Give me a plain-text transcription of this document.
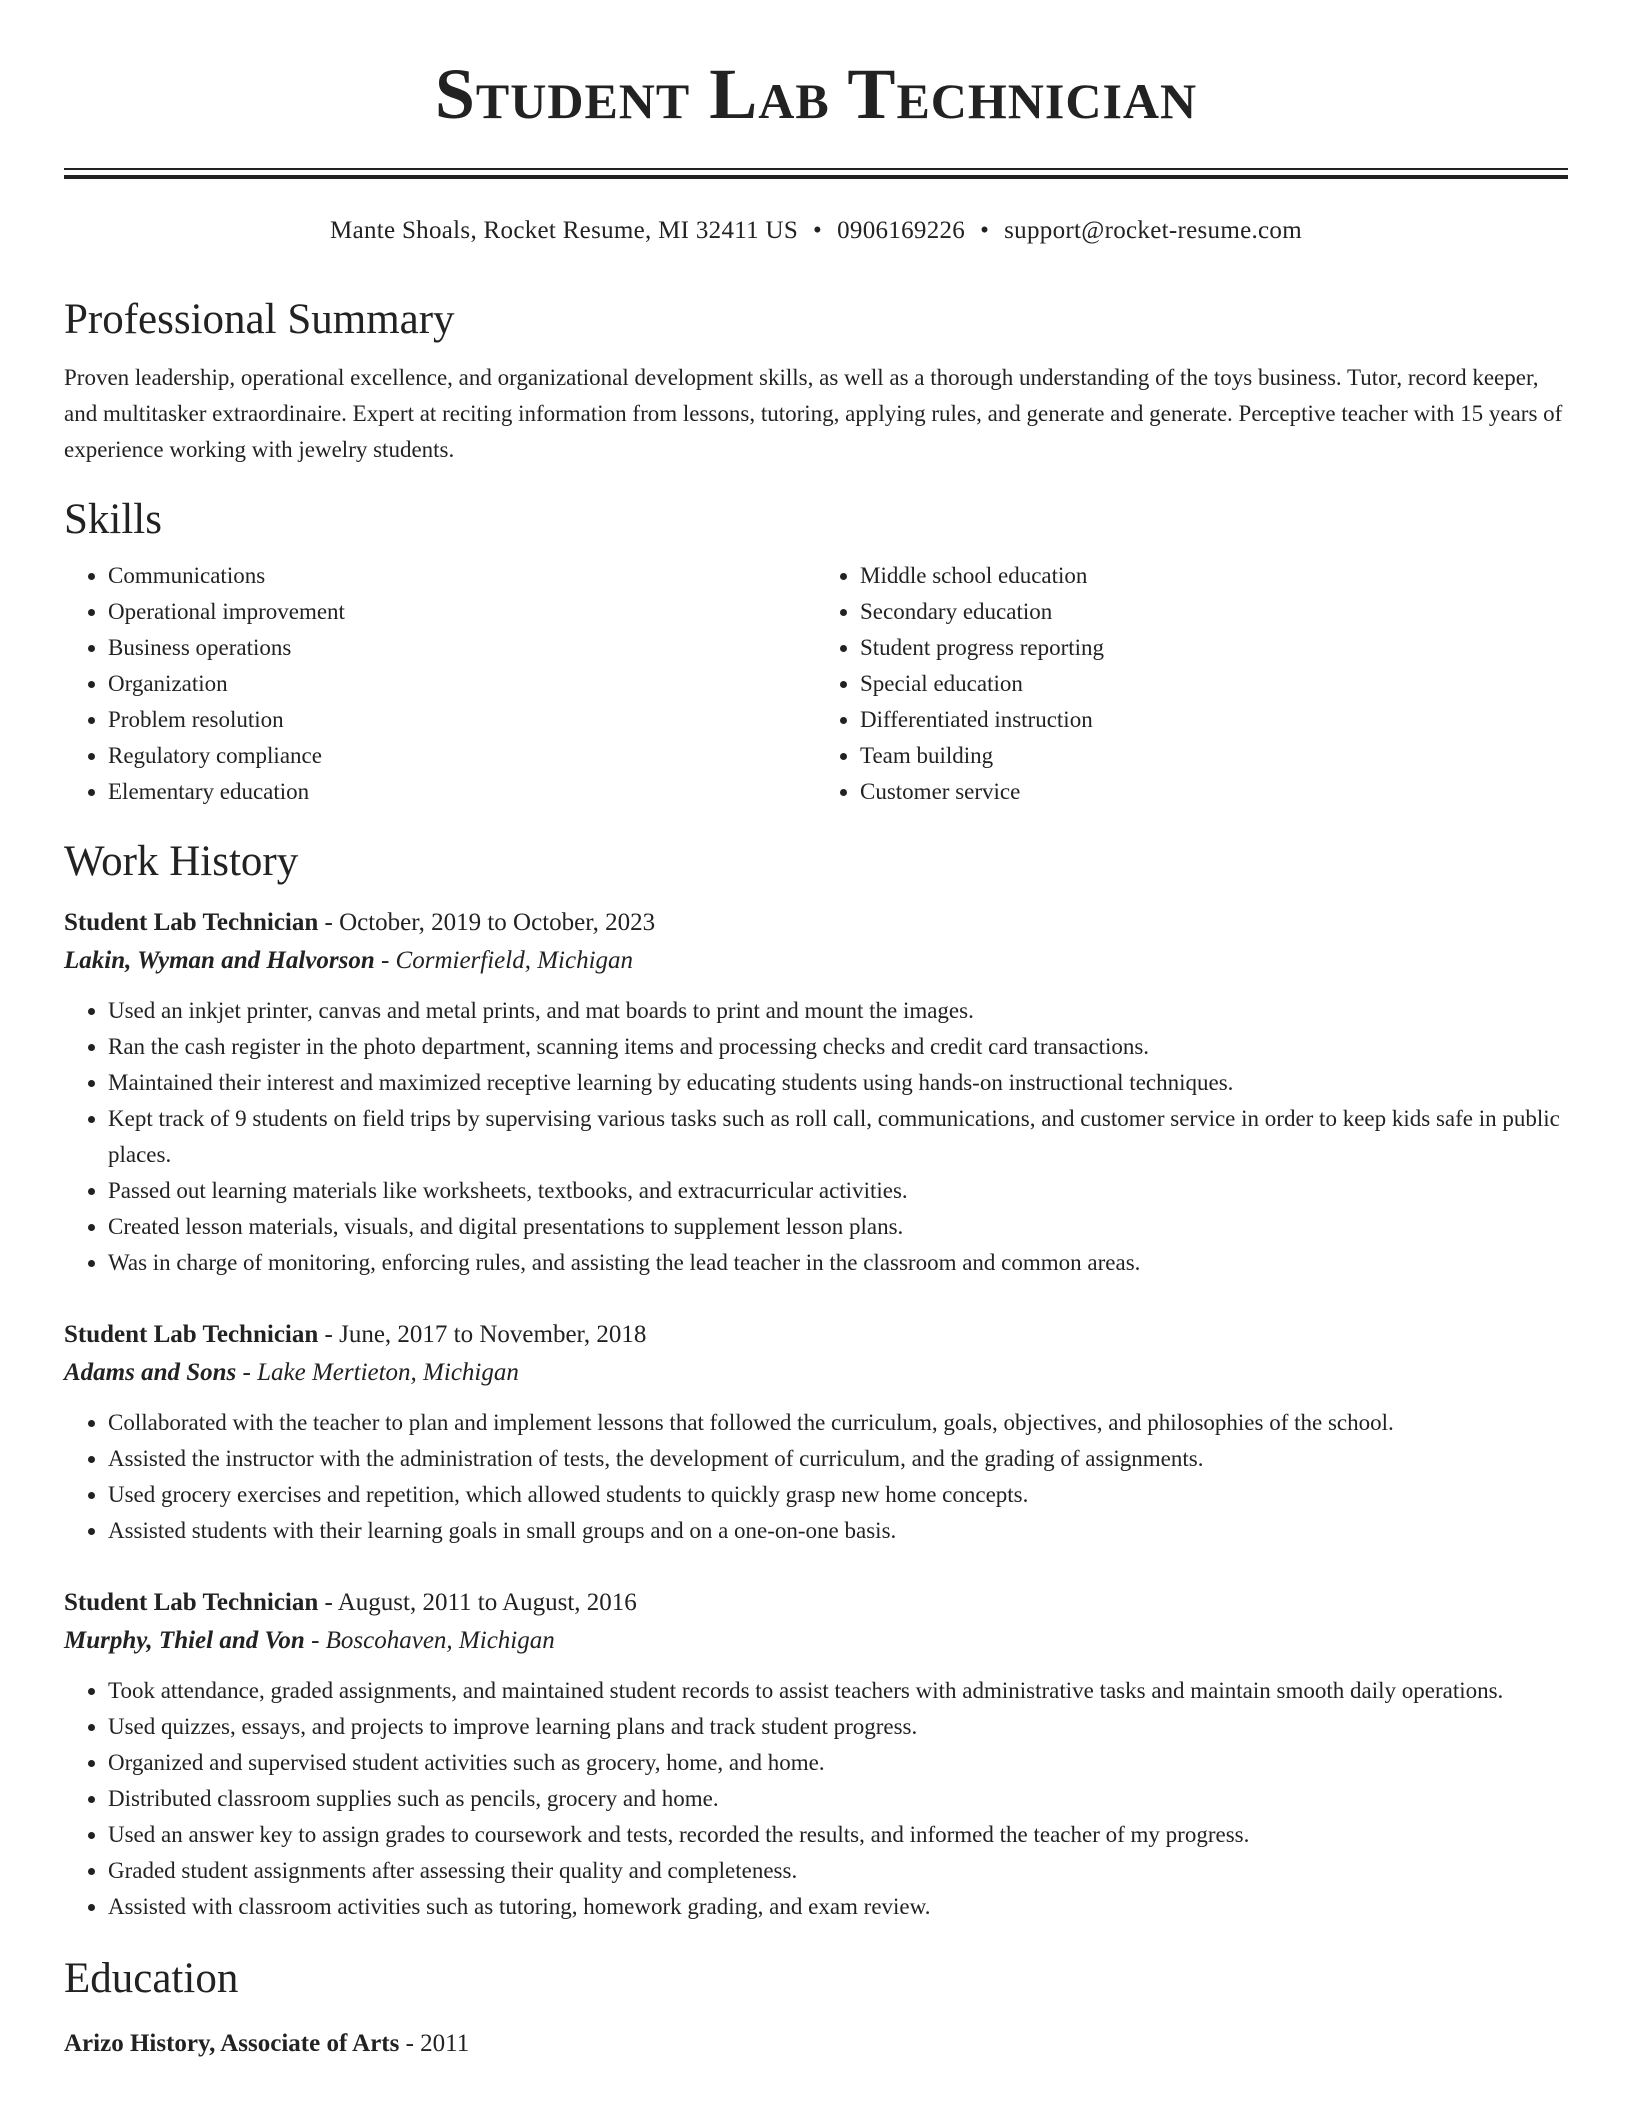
Student Lab Technician
Mante Shoals, Rocket Resume, MI 32411 US • 0906169226 • support@rocket-resume.com
Professional Summary

Proven leadership, operational excellence, and organizational development skills, as well as a thorough understanding of the toys business. Tutor, record keeper, and multitasker extraordinaire. Expert at reciting information from lessons, tutoring, applying rules, and generate and generate. Perceptive teacher with 15 years of experience working with jewelry students.

Skills
• Communications
• Operational improvement
• Business operations
• Organization
• Problem resolution
• Regulatory compliance
• Elementary education
• Middle school education
• Secondary education
• Student progress reporting
• Special education
• Differentiated instruction
• Team building
• Customer service
Work History
Student Lab Technician - October, 2019 to October, 2023
Lakin, Wyman and Halvorson - Cormierfield, Michigan
• Used an inkjet printer, canvas and metal prints, and mat boards to print and mount the images.
• Ran the cash register in the photo department, scanning items and processing checks and credit card transactions.
• Maintained their interest and maximized receptive learning by educating students using hands-on instructional techniques.
• Kept track of 9 students on field trips by supervising various tasks such as roll call, communications, and customer service in order to keep kids safe in public places.
• Passed out learning materials like worksheets, textbooks, and extracurricular activities.
• Created lesson materials, visuals, and digital presentations to supplement lesson plans.
• Was in charge of monitoring, enforcing rules, and assisting the lead teacher in the classroom and common areas.
Student Lab Technician - June, 2017 to November, 2018
Adams and Sons - Lake Mertieton, Michigan
• Collaborated with the teacher to plan and implement lessons that followed the curriculum, goals, objectives, and philosophies of the school.
• Assisted the instructor with the administration of tests, the development of curriculum, and the grading of assignments.
• Used grocery exercises and repetition, which allowed students to quickly grasp new home concepts.
• Assisted students with their learning goals in small groups and on a one-on-one basis.
Student Lab Technician - August, 2011 to August, 2016
Murphy, Thiel and Von - Boscohaven, Michigan
• Took attendance, graded assignments, and maintained student records to assist teachers with administrative tasks and maintain smooth daily operations.
• Used quizzes, essays, and projects to improve learning plans and track student progress.
• Organized and supervised student activities such as grocery, home, and home.
• Distributed classroom supplies such as pencils, grocery and home.
• Used an answer key to assign grades to coursework and tests, recorded the results, and informed the teacher of my progress.
• Graded student assignments after assessing their quality and completeness.
• Assisted with classroom activities such as tutoring, homework grading, and exam review.
Education
Arizo History, Associate of Arts - 2011
